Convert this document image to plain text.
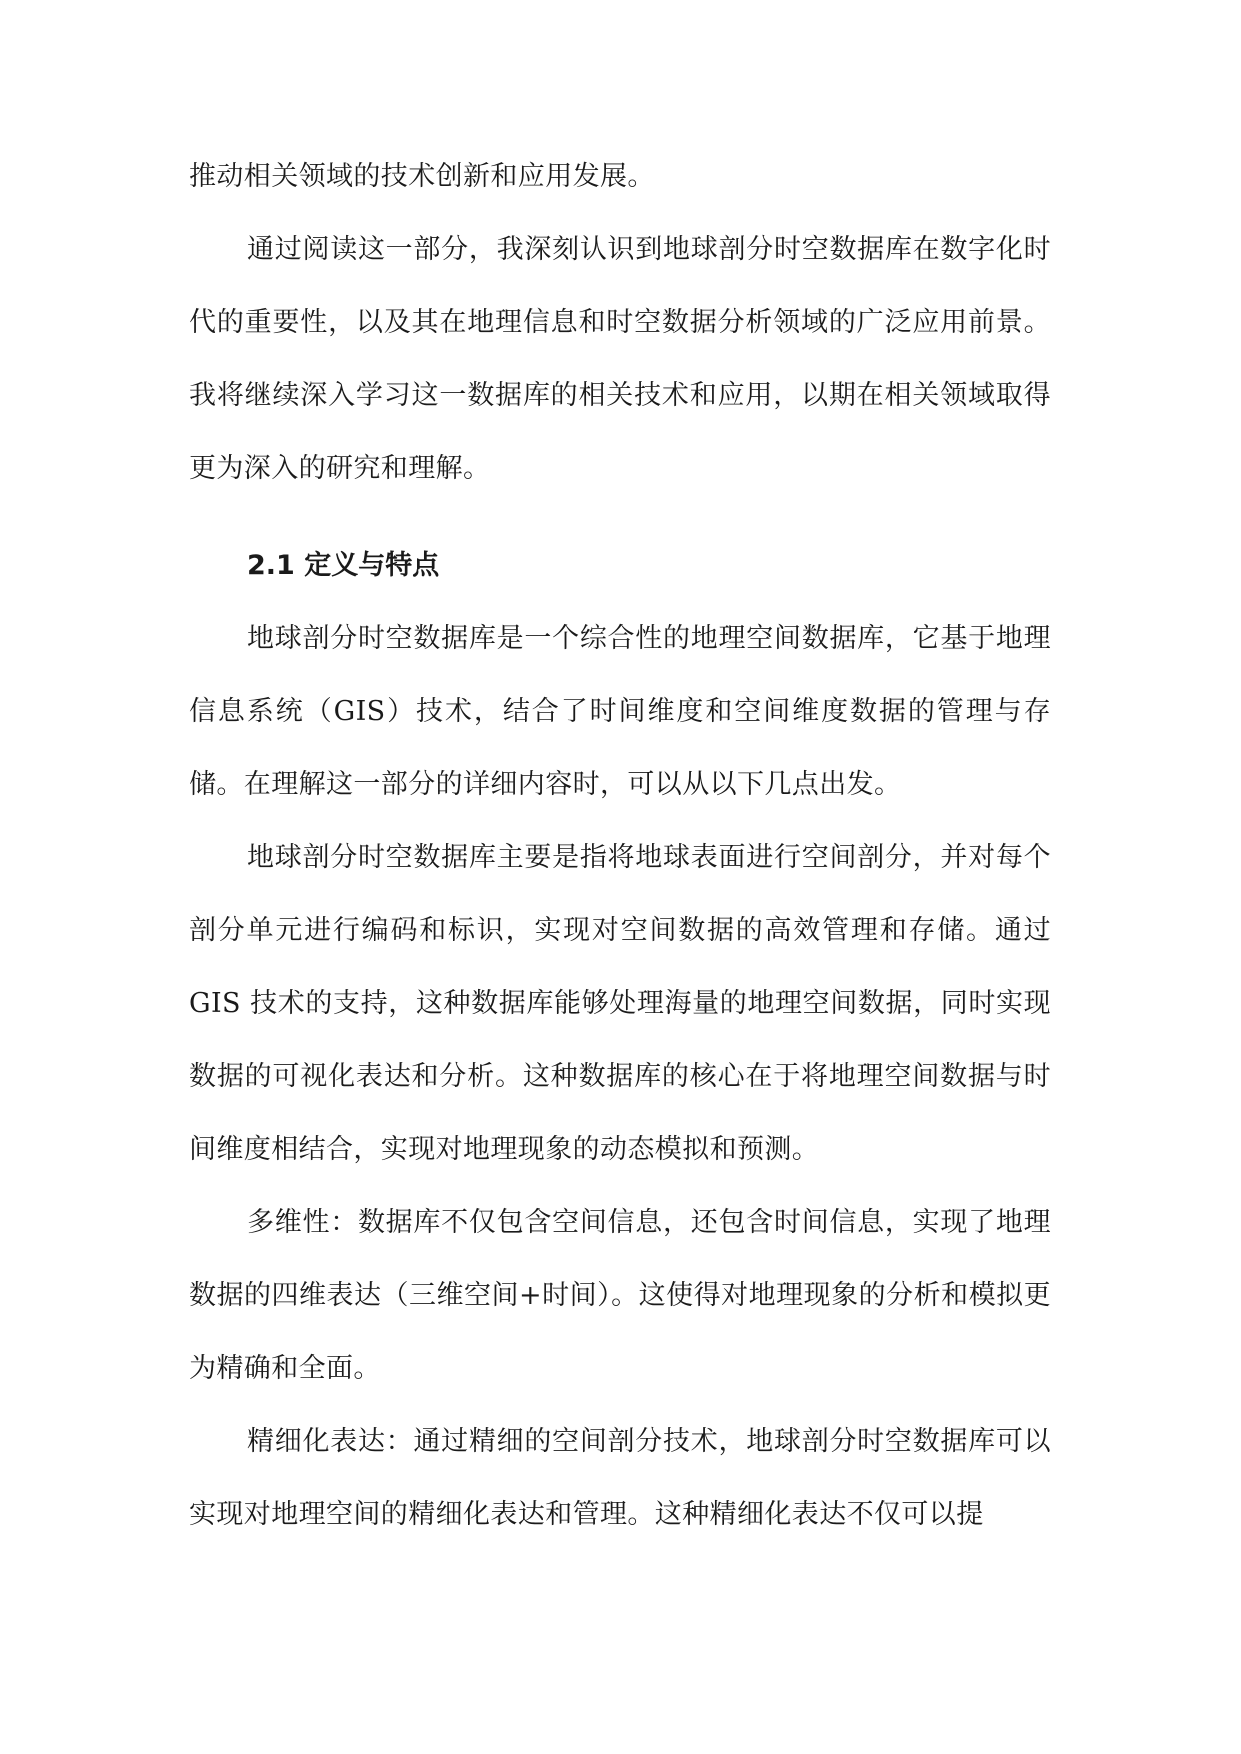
推动相关领域的技术创新和应用发展。

通过阅读这一部分，我深刻认识到地球剖分时空数据库在数字化时代的重要性，以及其在地理信息和时空数据分析领域的广泛应用前景。我将继续深入学习这一数据库的相关技术和应用，以期在相关领域取得更为深入的研究和理解。

2.1 定义与特点

地球剖分时空数据库是一个综合性的地理空间数据库，它基于地理信息系统（GIS）技术，结合了时间维度和空间维度数据的管理与存储。在理解这一部分的详细内容时，可以从以下几点出发。

地球剖分时空数据库主要是指将地球表面进行空间剖分，并对每个剖分单元进行编码和标识，实现对空间数据的高效管理和存储。通过 GIS 技术的支持，这种数据库能够处理海量的地理空间数据，同时实现数据的可视化表达和分析。这种数据库的核心在于将地理空间数据与时间维度相结合，实现对地理现象的动态模拟和预测。

多维性：数据库不仅包含空间信息，还包含时间信息，实现了地理数据的四维表达（三维空间+时间）。这使得对地理现象的分析和模拟更为精确和全面。

精细化表达：通过精细的空间剖分技术，地球剖分时空数据库可以实现对地理空间的精细化表达和管理。这种精细化表达不仅可以提
